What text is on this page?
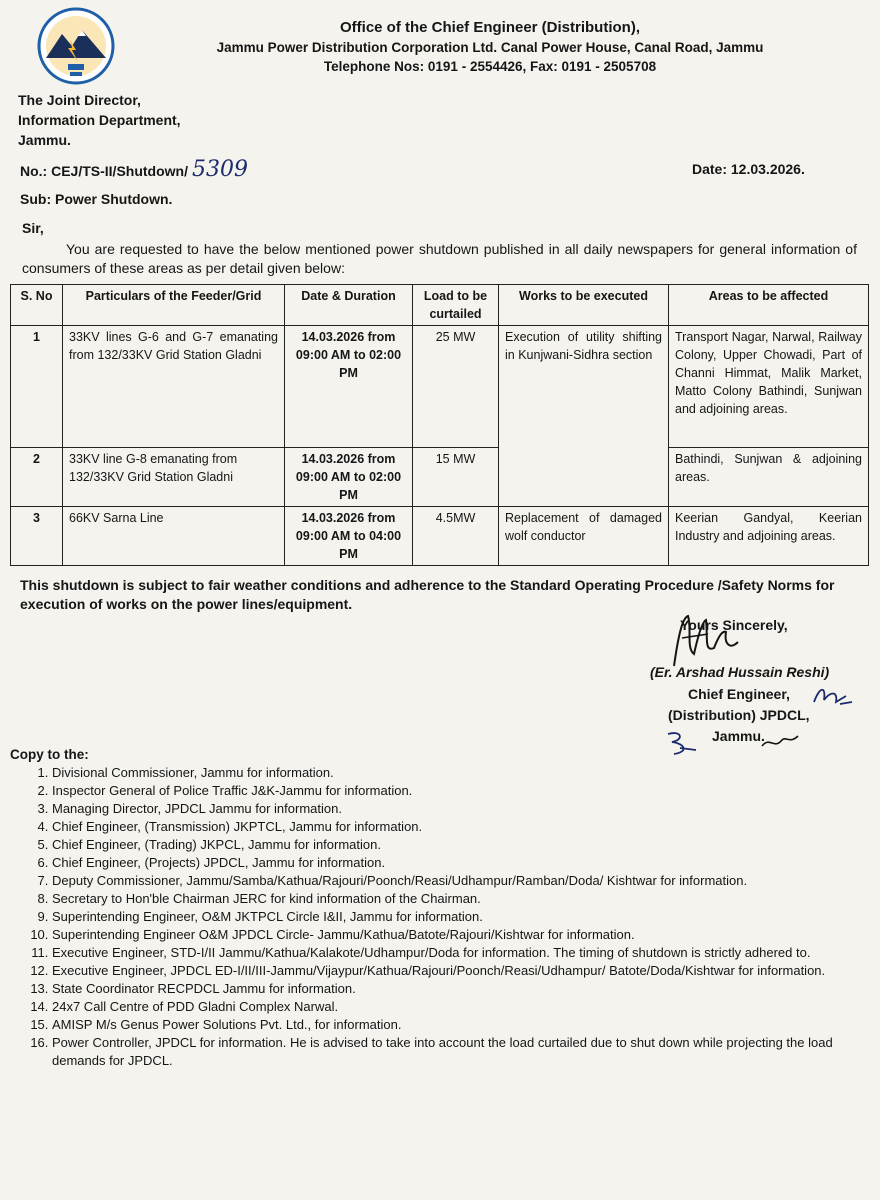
Office of the Chief Engineer (Distribution),
Jammu Power Distribution Corporation Ltd. Canal Power House, Canal Road, Jammu
Telephone Nos: 0191 - 2554426, Fax: 0191 - 2505708
The Joint Director,
Information Department,
Jammu.
No.: CEJ/TS-II/Shutdown/ 5309	Date: 12.03.2026.
Sub: Power Shutdown.
Sir,
You are requested to have the below mentioned power shutdown published in all daily newspapers for general information of consumers of these areas as per detail given below:
S. No	Particulars of the Feeder/Grid	Date & Duration	Load to be curtailed	Works to be executed	Areas to be affected
1	33KV lines G-6 and G-7 emanating from 132/33KV Grid Station Gladni	14.03.2026 from 09:00 AM to 02:00 PM	25 MW	Execution of utility shifting in Kunjwani-Sidhra section	Transport Nagar, Narwal, Railway Colony, Upper Chowadi, Part of Channi Himmat, Malik Market, Matto Colony Bathindi, Sunjwan and adjoining areas.
2	33KV line G-8 emanating from 132/33KV Grid Station Gladni	14.03.2026 from 09:00 AM to 02:00 PM	15 MW		Bathindi, Sunjwan & adjoining areas.
3	66KV Sarna Line	14.03.2026 from 09:00 AM to 04:00 PM	4.5MW	Replacement of damaged wolf conductor	Keerian Gandyal, Keerian Industry and adjoining areas.
This shutdown is subject to fair weather conditions and adherence to the Standard Operating Procedure /Safety Norms for execution of works on the power lines/equipment.
Yours Sincerely,
(Er. Arshad Hussain Reshi)
Chief Engineer,
(Distribution) JPDCL,
Jammu.
Copy to the:
1. Divisional Commissioner, Jammu for information.
2. Inspector General of Police Traffic J&K-Jammu for information.
3. Managing Director, JPDCL Jammu for information.
4. Chief Engineer, (Transmission) JKPTCL, Jammu for information.
5. Chief Engineer, (Trading) JKPCL, Jammu for information.
6. Chief Engineer, (Projects) JPDCL, Jammu for information.
7. Deputy Commissioner, Jammu/Samba/Kathua/Rajouri/Poonch/Reasi/Udhampur/Ramban/Doda/ Kishtwar for information.
8. Secretary to Hon'ble Chairman JERC for kind information of the Chairman.
9. Superintending Engineer, O&M JKTPCL Circle I&II, Jammu for information.
10. Superintending Engineer O&M JPDCL Circle- Jammu/Kathua/Batote/Rajouri/Kishtwar for information.
11. Executive Engineer, STD-I/II Jammu/Kathua/Kalakote/Udhampur/Doda for information. The timing of shutdown is strictly adhered to.
12. Executive Engineer, JPDCL ED-I/II/III-Jammu/Vijaypur/Kathua/Rajouri/Poonch/Reasi/Udhampur/ Batote/Doda/Kishtwar for information.
13. State Coordinator RECPDCL Jammu for information.
14. 24x7 Call Centre of PDD Gladni Complex Narwal.
15. AMISP M/s Genus Power Solutions Pvt. Ltd., for information.
16. Power Controller, JPDCL for information. He is advised to take into account the load curtailed due to shut down while projecting the load demands for JPDCL.
